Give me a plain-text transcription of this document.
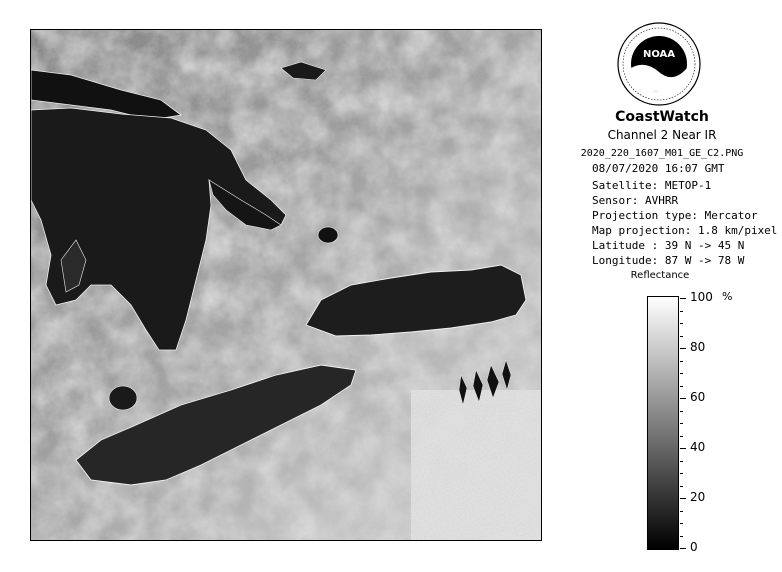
NOAA
CoastWatch
Channel 2 Near IR
2020_220_1607_M01_GE_C2.PNG
08/07/2020 16:07 GMT
Satellite: METOP-1
Sensor: AVHRR
Projection type: Mercator
Map projection: 1.8 km/pixel
Latitude : 39 N -> 45 N
Longitude: 87 W -> 78 W
Reflectance
%
100
80
60
40
20
0
